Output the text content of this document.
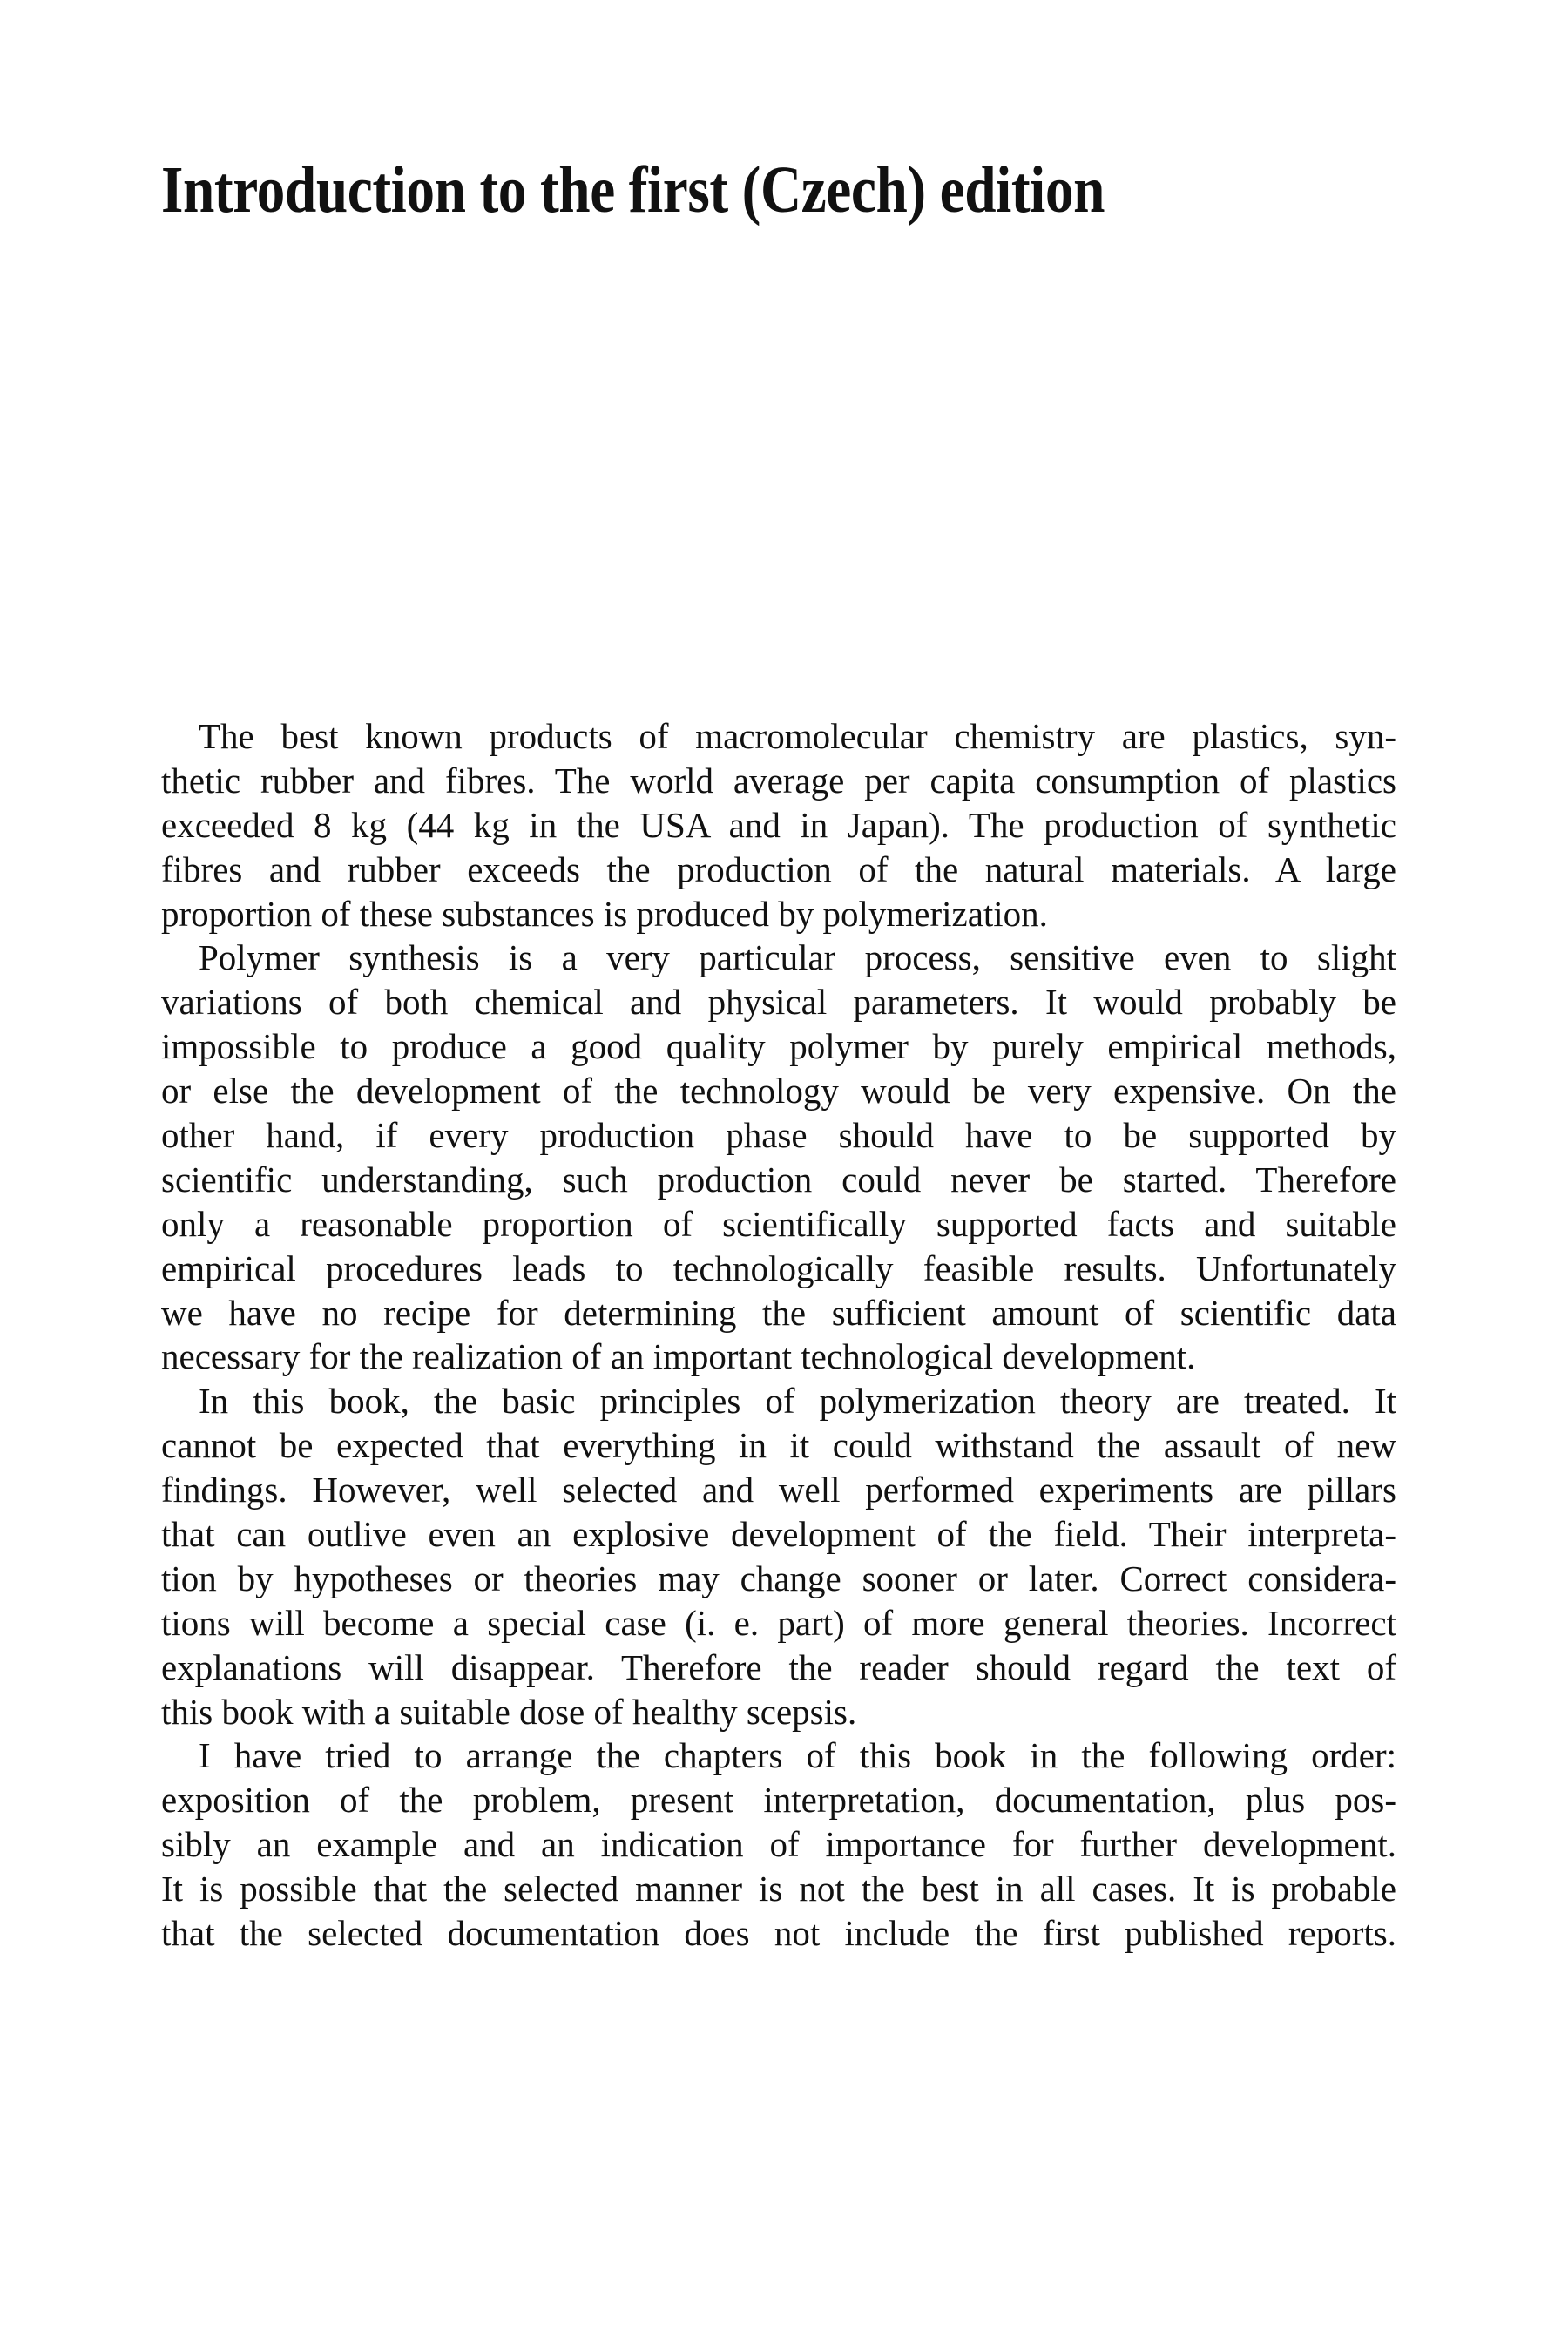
Introduction to the first (Czech) edition
The best known products of macromolecular chemistry are plastics, syn-
thetic rubber and fibres. The world average per capita consumption of plastics
exceeded 8 kg (44 kg in the USA and in Japan). The production of synthetic
fibres and rubber exceeds the production of the natural materials. A large
proportion of these substances is produced by polymerization.
Polymer synthesis is a very particular process, sensitive even to slight
variations of both chemical and physical parameters. It would probably be
impossible to produce a good quality polymer by purely empirical methods,
or else the development of the technology would be very expensive. On the
other hand, if every production phase should have to be supported by
scientific understanding, such production could never be started. Therefore
only a reasonable proportion of scientifically supported facts and suitable
empirical procedures leads to technologically feasible results. Unfortunately
we have no recipe for determining the sufficient amount of scientific data
necessary for the realization of an important technological development.
In this book, the basic principles of polymerization theory are treated. It
cannot be expected that everything in it could withstand the assault of new
findings. However, well selected and well performed experiments are pillars
that can outlive even an explosive development of the field. Their interpreta-
tion by hypotheses or theories may change sooner or later. Correct considera-
tions will become a special case (i. e. part) of more general theories. Incorrect
explanations will disappear. Therefore the reader should regard the text of
this book with a suitable dose of healthy scepsis.
I have tried to arrange the chapters of this book in the following order:
exposition of the problem, present interpretation, documentation, plus pos-
sibly an example and an indication of importance for further development.
It is possible that the selected manner is not the best in all cases. It is probable
that the selected documentation does not include the first published reports.
